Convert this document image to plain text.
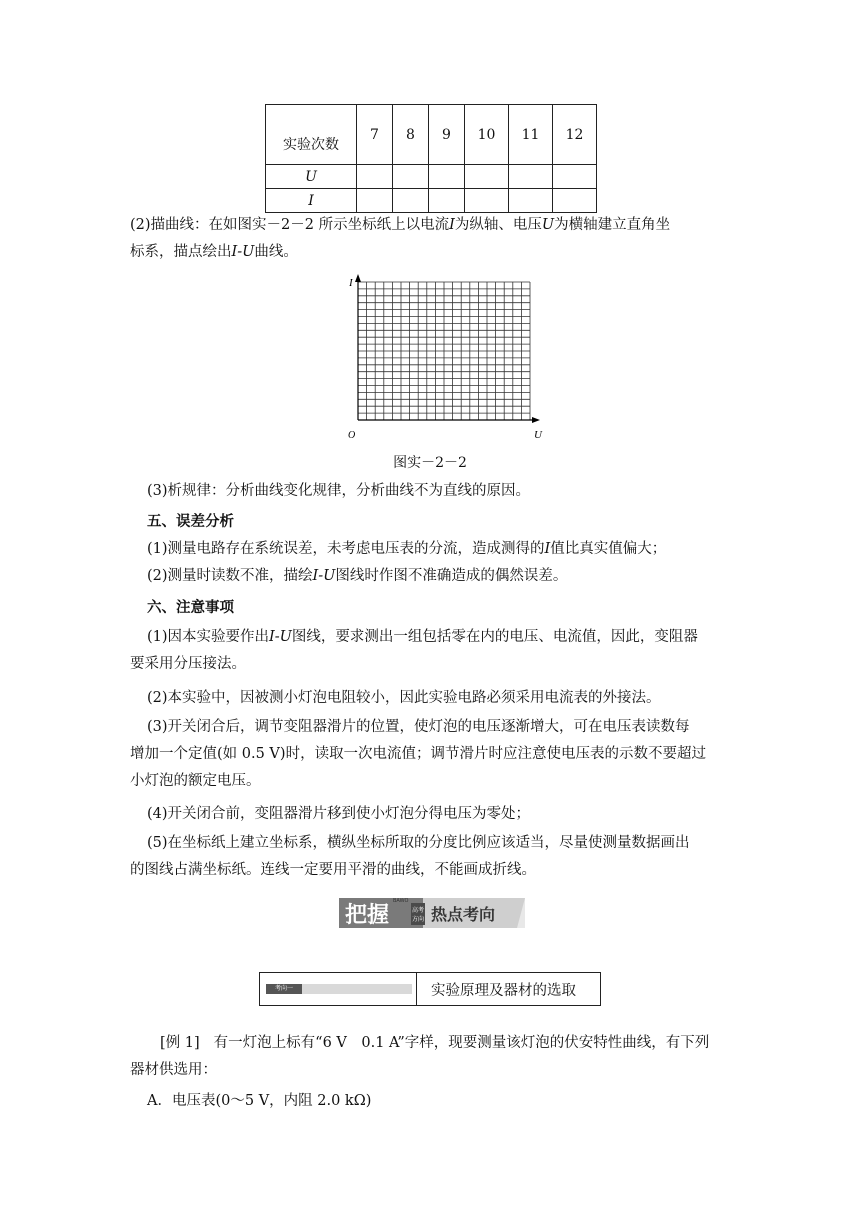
实验次数	7	8	9	10	11	12
U						
I						
(2)描曲线：在如图实－2－2 所示坐标纸上以电流I为纵轴、电压U为横轴建立直角坐
标系，描点绘出I-U曲线。
I
O	U
图实－2－2
(3)析规律：分析曲线变化规律，分析曲线不为直线的原因。
五、误差分析
(1)测量电路存在系统误差，未考虑电压表的分流，造成测得的I值比真实值偏大；
(2)测量时读数不准，描绘I-U图线时作图不准确造成的偶然误差。
六、注意事项
(1)因本实验要作出I-U图线，要求测出一组包括零在内的电压、电流值，因此，变阻器
要采用分压接法。
(2)本实验中，因被测小灯泡电阻较小，因此实验电路必须采用电流表的外接法。
(3)开关闭合后，调节变阻器滑片的位置，使灯泡的电压逐渐增大，可在电压表读数每
增加一个定值(如 0.5 V)时，读取一次电流值；调节滑片时应注意使电压表的示数不要超过
小灯泡的额定电压。
(4)开关闭合前，变阻器滑片移到使小灯泡分得电压为零处；
(5)在坐标纸上建立坐标系，横纵坐标所取的分度比例应该适当，尽量使测量数据画出
的图线占满坐标纸。连线一定要用平滑的曲线，不能画成折线。
把握
BAWO
高考
方向 热点考向
考向一	实验原理及器材的选取
[例 1] 有一灯泡上标有“6 V　0.1 A”字样，现要测量该灯泡的伏安特性曲线，有下列
器材供选用：
A．电压表(0～5 V，内阻 2.0 kΩ)
